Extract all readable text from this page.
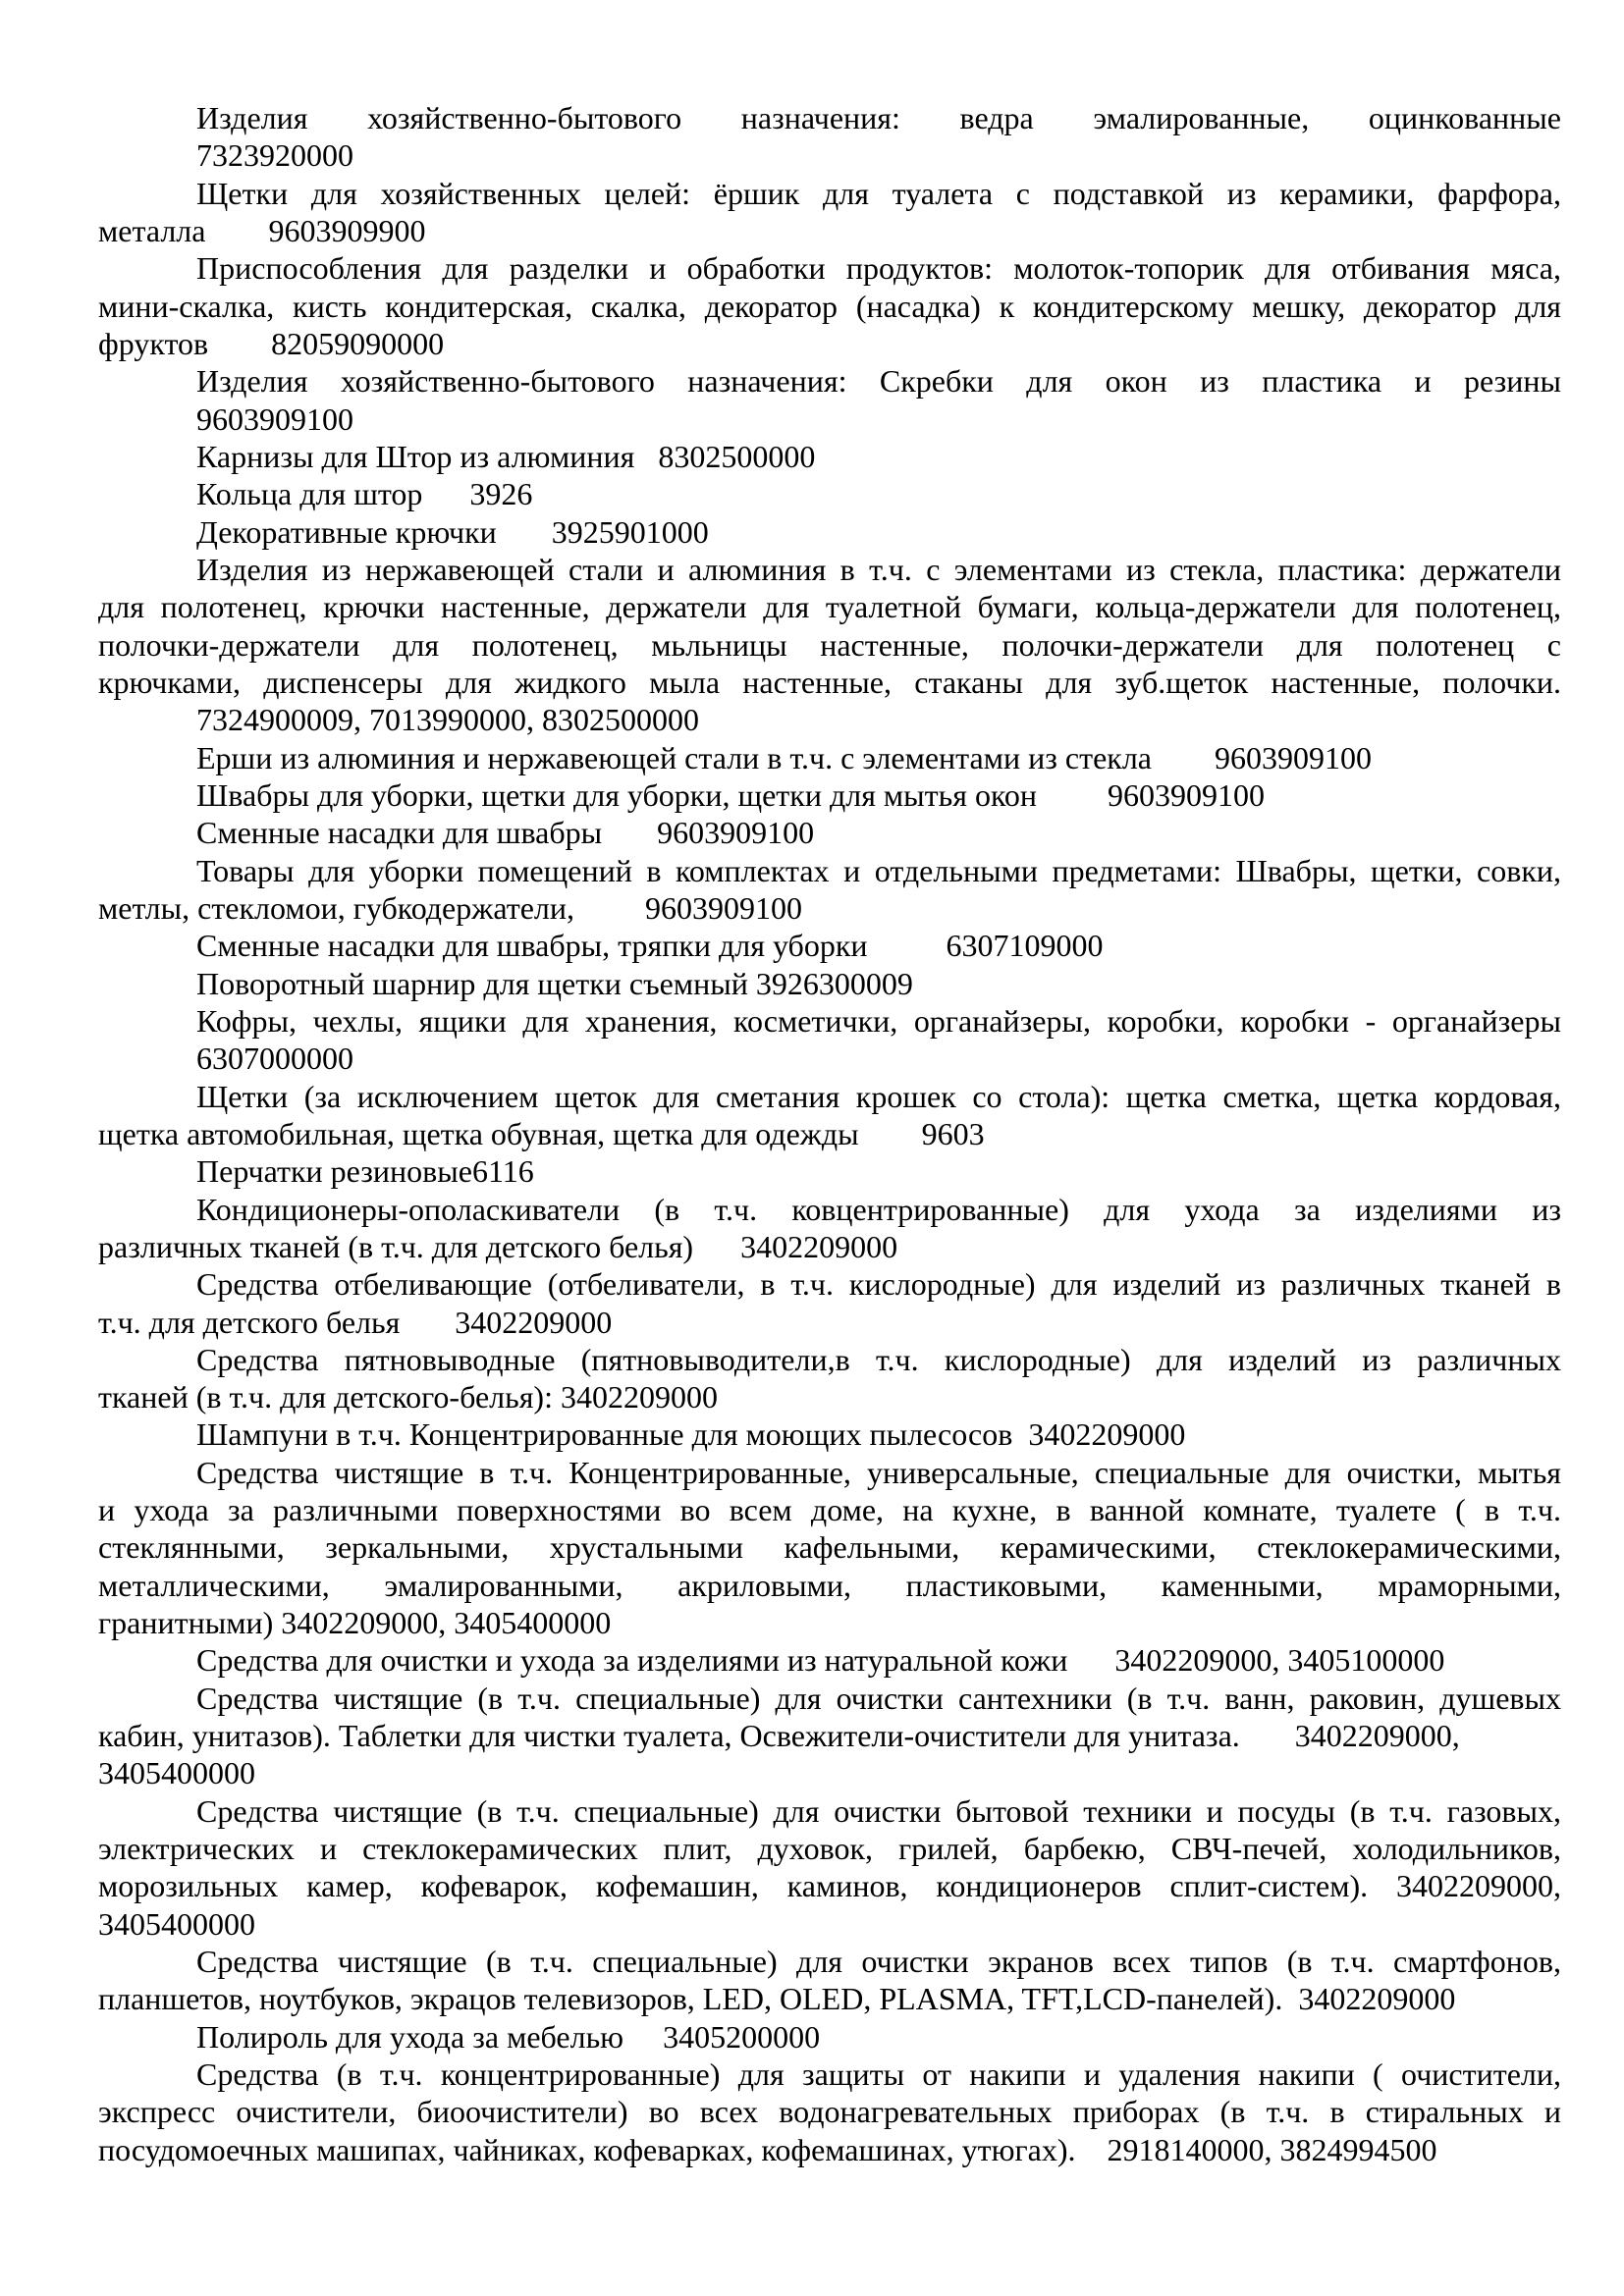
Изделия хозяйственно-бытового назначения: ведра эмалированные, оцинкованные
7323920000
Щетки для хозяйственных целей: ёршик для туалета с подставкой из керамики, фарфора,
металла        9603909900
Приспособления для разделки и обработки продуктов: молоток-топорик для отбивания мяса,
мини-скалка, кисть кондитерская, скалка, декоратор (насадка) к кондитерскому мешку, декоратор для
фруктов        82059090000
Изделия хозяйственно-бытового назначения: Скребки для окон из пластика и резины
9603909100
Карнизы для Штор из алюминия   8302500000
Кольца для штор      3926
Декоративные крючки       3925901000
Изделия из нержавеющей стали и алюминия в т.ч. с элементами из стекла, пластика: держатели
для полотенец, крючки настенные, держатели для туалетной бумаги, кольца-держатели для полотенец,
полочки-держатели для полотенец, мьльницы настенные, полочки-держатели для полотенец с
крючками, диспенсеры для жидкого мыла настенные, стаканы для зуб.щеток настенные, полочки.
7324900009, 7013990000, 8302500000
Ерши из алюминия и нержавеющей стали в т.ч. с элементами из стекла        9603909100
Швабры для уборки, щетки для уборки, щетки для мытья окон         9603909100
Сменные насадки для швабры       9603909100
Товары для уборки помещений в комплектах и отдельными предметами: Швабры, щетки, совки,
метлы, стекломои, губкодержатели,         9603909100
Сменные насадки для швабры, тряпки для уборки          6307109000
Поворотный шарнир для щетки съемный 3926300009
Кофры, чехлы, ящики для хранения, косметички, органайзеры, коробки, коробки - органайзеры
6307000000
Щетки (за исключением щеток для сметания крошек со стола): щетка сметка, щетка кордовая,
щетка автомобильная, щетка обувная, щетка для одежды        9603
Перчатки резиновые6116
Кондиционеры-ополаскиватели (в т.ч. ковцентрированные) для ухода за изделиями из
различных тканей (в т.ч. для детского белья)      3402209000
Средства отбеливающие (отбеливатели, в т.ч. кислородные) для изделий из различных тканей в
т.ч. для детского белья       3402209000
Средства пятновыводные (пятновыводители,в т.ч. кислородные) для изделий из различных
тканей (в т.ч. для детского-белья): 3402209000
Шампуни в т.ч. Концентрированные для моющих пылесосов  3402209000
Средства чистящие в т.ч. Концентрированные, универсальные, специальные для очистки, мытья
и ухода за различными поверхностями во всем доме, на кухне, в ванной комнате, туалете ( в т.ч.
стеклянными, зеркальными, хрустальными кафельными, керамическими, стеклокерамическими,
металлическими, эмалированными, акриловыми, пластиковыми, каменными, мраморными,
гранитными) 3402209000, 3405400000
Средства для очистки и ухода за изделиями из натуральной кожи      3402209000, 3405100000
Средства чистящие (в т.ч. специальные) для очистки сантехники (в т.ч. ванн, раковин, душевых
кабин, унитазов). Таблетки для чистки туалета, Освежители-очистители для унитаза.       3402209000,
3405400000
Средства чистящие (в т.ч. специальные) для очистки бытовой техники и посуды (в т.ч. газовых,
электрических и стеклокерамических плит, духовок, грилей, барбекю, СВЧ-печей, холодильников,
морозильных камер, кофеварок, кофемашин, каминов, кондиционеров сплит-систем). 3402209000,
3405400000
Средства чистящие (в т.ч. специальные) для очистки экранов всех типов (в т.ч. смартфонов,
планшетов, ноутбуков, экрацов телевизоров, LED, OLED, PLASMA, TFT,LCD-панелей).  3402209000
Полироль для ухода за мебелью     3405200000
Средства (в т.ч. концентрированные) для защиты от накипи и удаления накипи ( очистители,
экспресс очистители, биоочистители) во всех водонагревательных приборах (в т.ч. в стиральных и
посудомоечных машипах, чайниках, кофеварках, кофемашинах, утюгах).    2918140000, 3824994500
